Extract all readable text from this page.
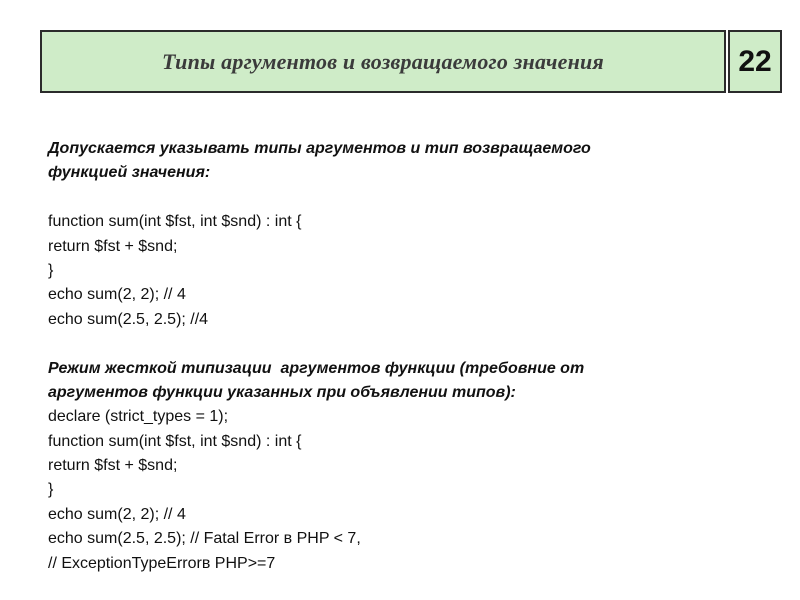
Типы аргументов и возвращаемого значения	22
Допускается указывать типы аргументов и тип возвращаемого
функцией значения:
function sum(int $fst, int $snd) : int {
return $fst + $snd;
}
echo sum(2, 2); // 4
echo sum(2.5, 2.5); //4
Режим жесткой типизации  аргументов функции (требовние от
аргументов функции указанных при объявлении типов):
declare (strict_types = 1);
function sum(int $fst, int $snd) : int {
return $fst + $snd;
}
echo sum(2, 2); // 4
echo sum(2.5, 2.5); // Fatal Error в PHP < 7,
// ExceptionTypeErrorв PHP>=7
